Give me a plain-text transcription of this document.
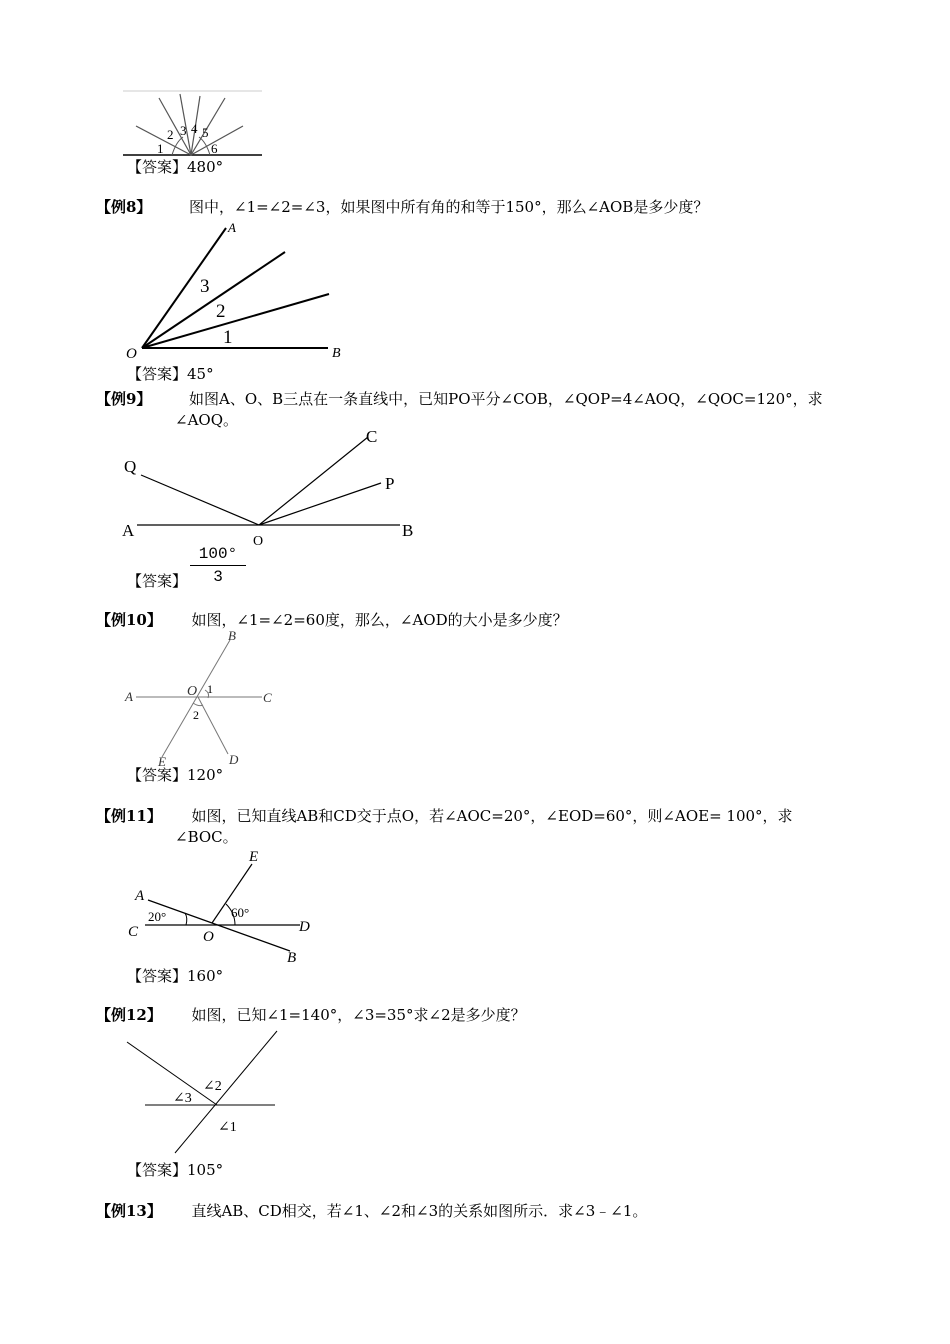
1
2 3 4 5
6
【答案】480°
【例8】	图中，∠1=∠2=∠3，如果图中所有角的和等于150°，那么∠AOB是多少度？
A
O	B
3
2
1
【答案】45°
【例9】	如图A、O、B三点在一条直线中，已知PO平分∠COB，∠QOP=4∠AOQ，∠QOC=120°，求
∠AOQ。
Q
A
O
C
P
B
【答案】
100°
3
【例10】 如图，∠1=∠2=60度，那么，∠AOD的大小是多少度？
B
A	O	C
E	D
1
2
【答案】120°
【例11】 如图，已知直线AB和CD交于点O，若∠AOC=20°，∠EOD=60°，则∠AOE= 100°，求
∠BOC。
E
A
C	O
D
B
20°	60°
【答案】160°
【例12】 如图，已知∠1=140°，∠3=35°求∠2是多少度？
∠2
∠3
∠1
【答案】105°
【例13】 直线AB、CD相交，若∠1、∠2和∠3的关系如图所示．求∠3﹣∠1。
